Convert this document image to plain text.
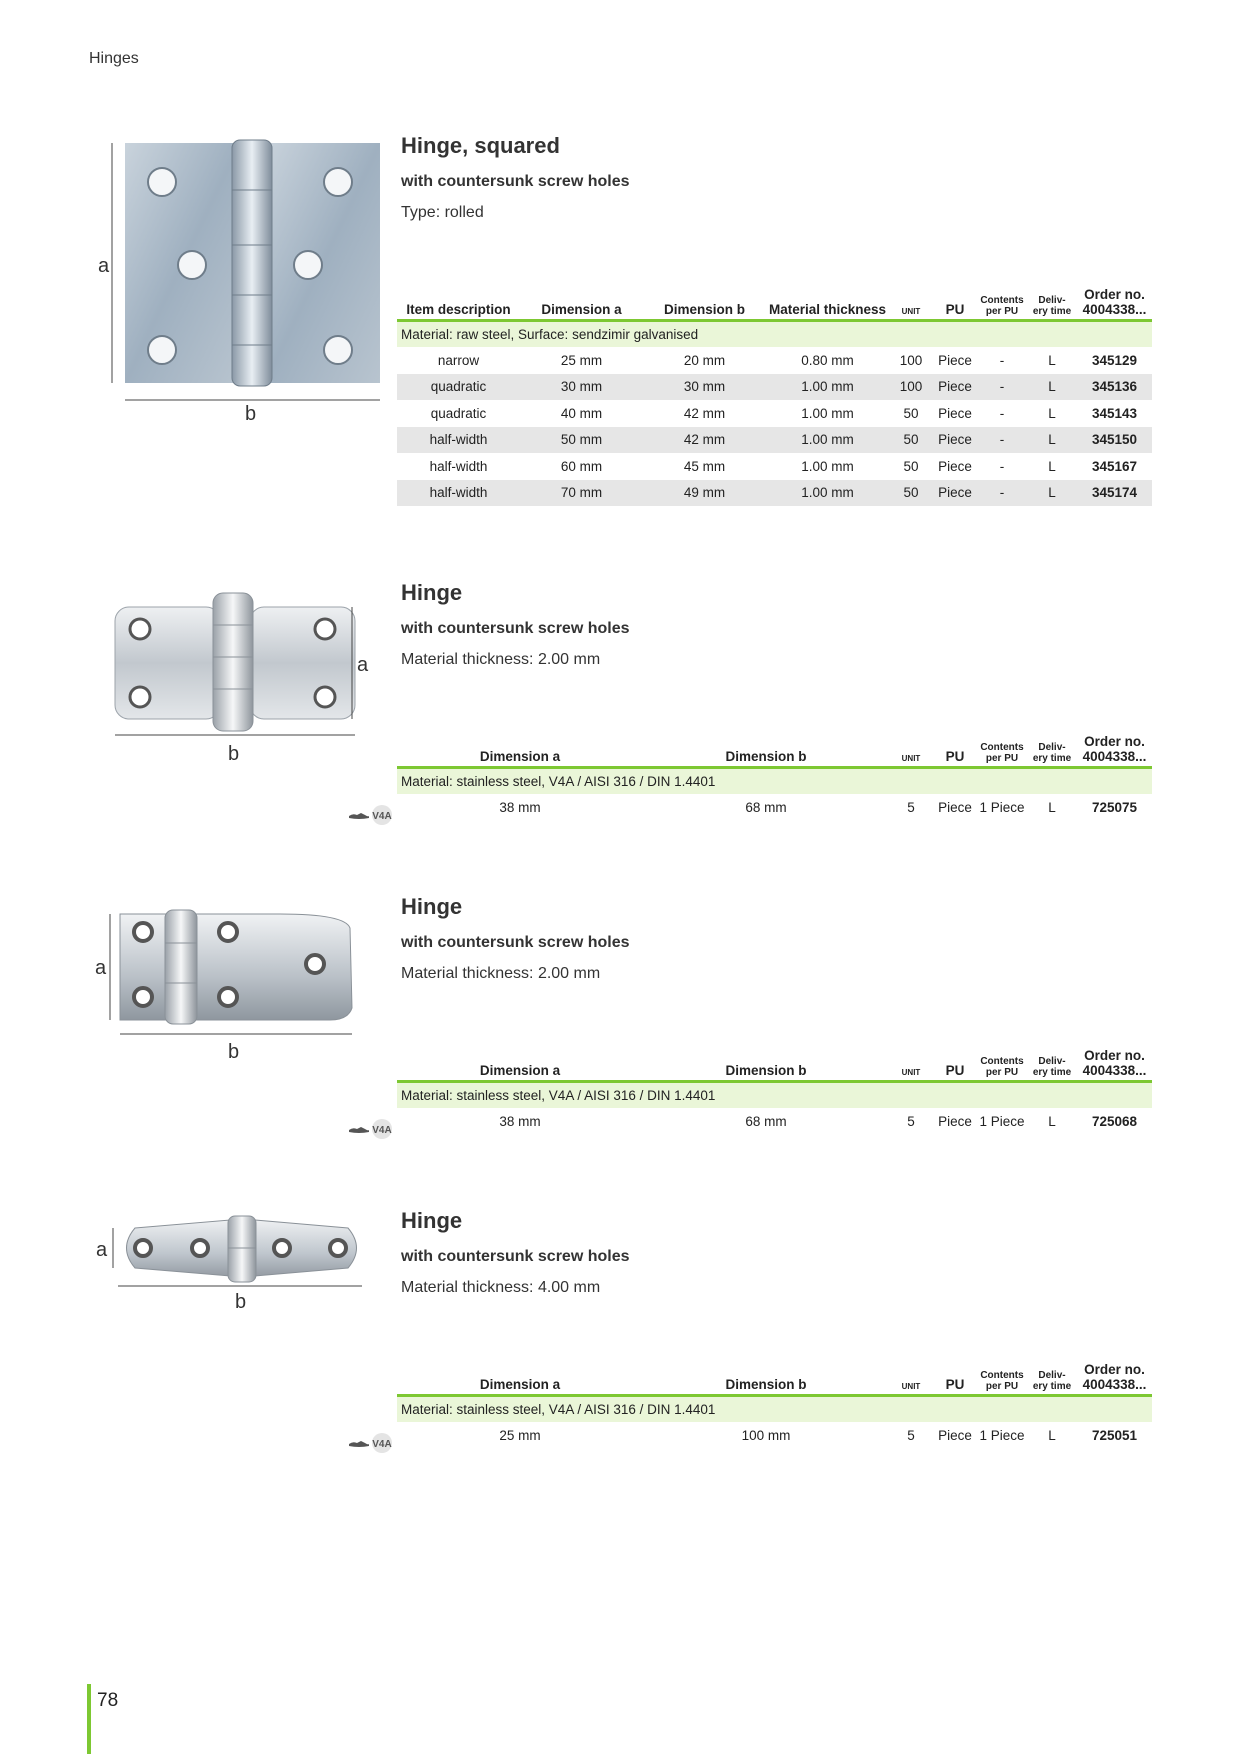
Hinges
a
b
Hinge, squared
with countersunk screw holes
Type: rolled
Item description	Dimension a	Dimension b	Material thickness	UNIT	PU	Contents
per PU	Deliv-
ery time	Order no.
4004338...
Material: raw steel, Surface: sendzimir galvanised								
narrow	25 mm	20 mm	0.80 mm	100	Piece	-	L	345129
quadratic	30 mm	30 mm	1.00 mm	100	Piece	-	L	345136
quadratic	40 mm	42 mm	1.00 mm	50	Piece	-	L	345143
half-width	50 mm	42 mm	1.00 mm	50	Piece	-	L	345150
half-width	60 mm	45 mm	1.00 mm	50	Piece	-	L	345167
half-width	70 mm	49 mm	1.00 mm	50	Piece	-	L	345174
a
b
Hinge
with countersunk screw holes
Material thickness: 2.00 mm
Dimension a	Dimension b	UNIT	PU	Contents
per PU	Deliv-
ery time	Order no.
4004338...
Material: stainless steel, V4A / AISI 316 / DIN 1.4401						
38 mm	68 mm	5	Piece	1 Piece	L	725075
V4A
a
b
Hinge
with countersunk screw holes
Material thickness: 2.00 mm
Dimension a	Dimension b	UNIT	PU	Contents
per PU	Deliv-
ery time	Order no.
4004338...
Material: stainless steel, V4A / AISI 316 / DIN 1.4401						
38 mm	68 mm	5	Piece	1 Piece	L	725068
V4A
a
b
Hinge
with countersunk screw holes
Material thickness: 4.00 mm
Dimension a	Dimension b	UNIT	PU	Contents
per PU	Deliv-
ery time	Order no.
4004338...
Material: stainless steel, V4A / AISI 316 / DIN 1.4401						
25 mm	100 mm	5	Piece	1 Piece	L	725051
V4A
78
